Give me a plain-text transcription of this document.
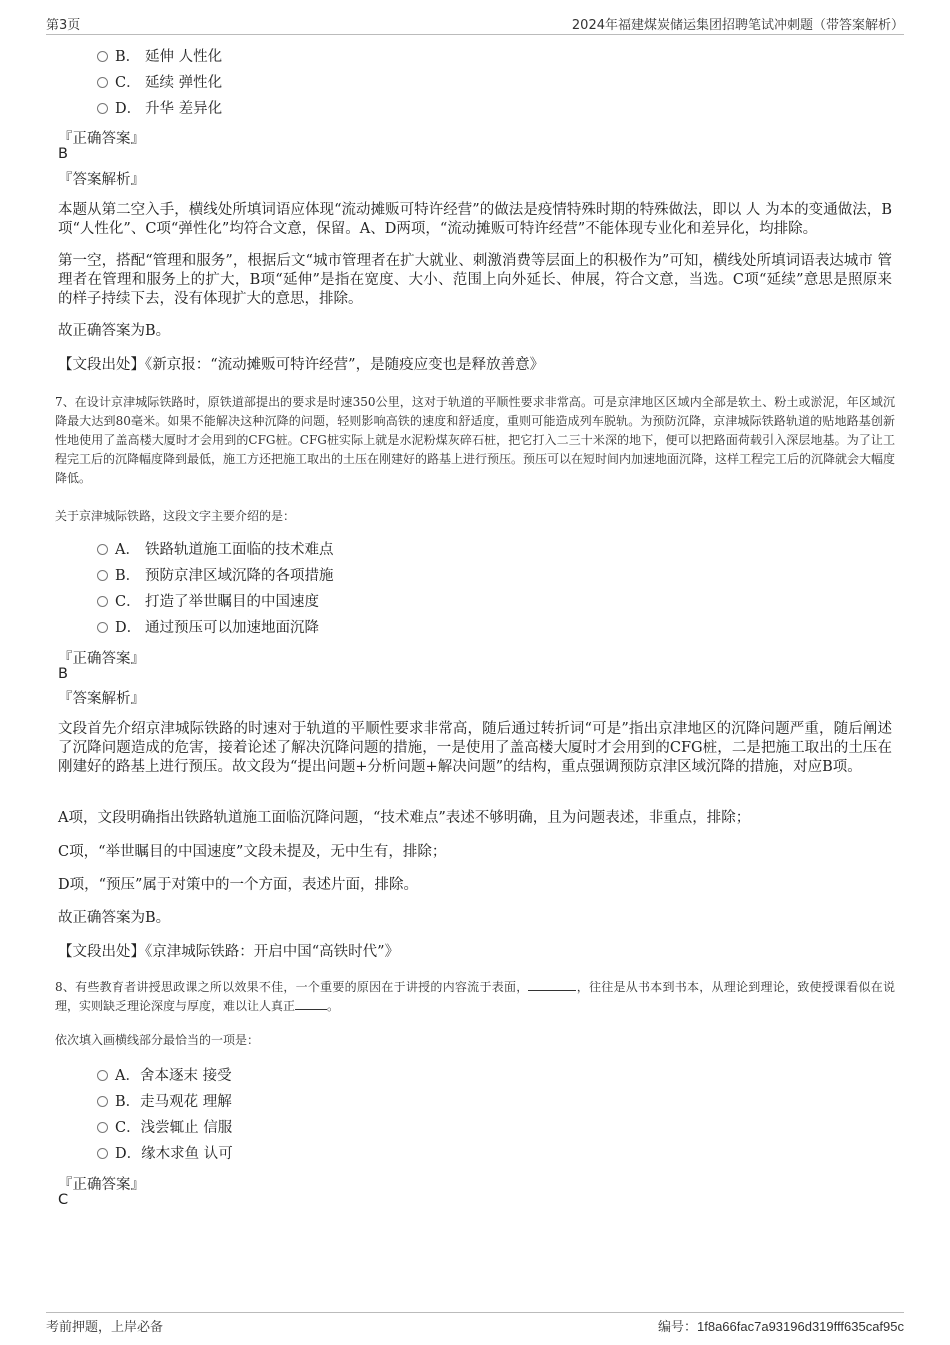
第3页	2024年福建煤炭储运集团招聘笔试冲刺题（带答案解析）
B． 延伸 人性化
C． 延续 弹性化
D． 升华 差异化
『正确答案』
B
『答案解析』
本题从第二空入手，横线处所填词语应体现“流动摊贩可特许经营”的做法是疫情特殊时期的特殊做法，即以 人 为本的变通做法，B项“人性化”、C项“弹性化”均符合文意，保留。A、D两项，“流动摊贩可特许经营”不能体现专业化和差异化，均排除。
第一空，搭配“管理和服务”，根据后文“城市管理者在扩大就业、刺激消费等层面上的积极作为”可知，横线处所填词语表达城市 管理者在管理和服务上的扩大，B项“延伸”是指在宽度、大小、范围上向外延长、伸展，符合文意，当选。C项“延续”意思是照原来的样子持续下去，没有体现扩大的意思，排除。
故正确答案为B。
【文段出处】《新京报：“流动摊贩可特许经营”，是随疫应变也是释放善意》
7、在设计京津城际铁路时，原铁道部提出的要求是时速350公里，这对于轨道的平顺性要求非常高。可是京津地区区域内全部是软土、粉土或淤泥，年区域沉降最大达到80毫米。如果不能解决这种沉降的问题，轻则影响高铁的速度和舒适度，重则可能造成列车脱轨。为预防沉降，京津城际铁路轨道的贴地路基创新性地使用了盖高楼大厦时才会用到的CFG桩。CFG桩实际上就是水泥粉煤灰碎石桩，把它打入二三十米深的地下，便可以把路面荷载引入深层地基。为了让工程完工后的沉降幅度降到最低，施工方还把施工取出的土压在刚建好的路基上进行预压。预压可以在短时间内加速地面沉降，这样工程完工后的沉降就会大幅度降低。
关于京津城际铁路，这段文字主要介绍的是：
A． 铁路轨道施工面临的技术难点
B． 预防京津区域沉降的各项措施
C． 打造了举世瞩目的中国速度
D． 通过预压可以加速地面沉降
『正确答案』
B
『答案解析』
文段首先介绍京津城际铁路的时速对于轨道的平顺性要求非常高，随后通过转折词“可是”指出京津地区的沉降问题严重，随后阐述了沉降问题造成的危害，接着论述了解决沉降问题的措施，一是使用了盖高楼大厦时才会用到的CFG桩，二是把施工取出的土压在刚建好的路基上进行预压。故文段为“提出问题+分析问题+解决问题”的结构，重点强调预防京津区域沉降的措施，对应B项。
A项，文段明确指出铁路轨道施工面临沉降问题，“技术难点”表述不够明确，且为问题表述，非重点，排除；
C项，“举世瞩目的中国速度”文段未提及，无中生有，排除；
D项，“预压”属于对策中的一个方面，表述片面，排除。
故正确答案为B。
【文段出处】《京津城际铁路：开启中国“高铁时代”》
8、有些教育者讲授思政课之所以效果不佳，一个重要的原因在于讲授的内容流于表面，	，往往是从书本到书本，从理论到理论，致使授课看似在说理，实则缺乏理论深度与厚度，难以让人真正	。
依次填入画横线部分最恰当的一项是：
A．舍本逐末 接受
B．走马观花 理解
C．浅尝辄止 信服
D．缘木求鱼 认可
『正确答案』
C
考前押题，上岸必备	编号：1f8a66fac7a93196d319fff635caf95c
